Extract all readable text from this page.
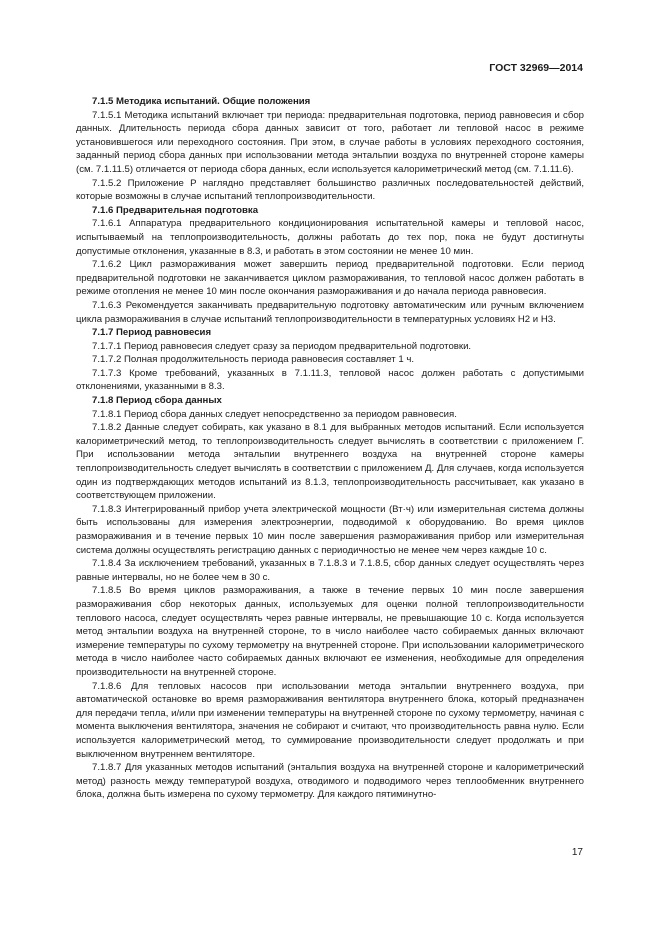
ГОСТ 32969—2014

7.1.5 Методика испытаний. Общие положения

7.1.5.1 Методика испытаний включает три периода: предварительная подготовка, период равновесия и сбор данных. Длительность периода сбора данных зависит от того, работает ли тепловой насос в режиме установившегося или переходного состояния. При этом, в случае работы в условиях переходного состояния, заданный период сбора данных при использовании метода энтальпии воздуха по внутренней стороне камеры (см. 7.1.11.5) отличается от периода сбора данных, если используется калориметрический метод (см. 7.1.11.6).

7.1.5.2 Приложение Р наглядно представляет большинство различных последовательностей действий, которые возможны в случае испытаний теплопроизводительности.

7.1.6 Предварительная подготовка

7.1.6.1 Аппаратура предварительного кондиционирования испытательной камеры и тепловой насос, испытываемый на теплопроизводительность, должны работать до тех пор, пока не будут достигнуты допустимые отклонения, указанные в 8.3, и работать в этом состоянии не менее 10 мин.

7.1.6.2 Цикл размораживания может завершить период предварительной подготовки. Если период предварительной подготовки не заканчивается циклом размораживания, то тепловой насос должен работать в режиме отопления не менее 10 мин после окончания размораживания и до начала периода равновесия.

7.1.6.3 Рекомендуется заканчивать предварительную подготовку автоматическим или ручным включением цикла размораживания в случае испытаний теплопроизводительности в температурных условиях Н2 и Н3.

7.1.7 Период равновесия

7.1.7.1 Период равновесия следует сразу за периодом предварительной подготовки.

7.1.7.2 Полная продолжительность периода равновесия составляет 1 ч.

7.1.7.3 Кроме требований, указанных в 7.1.11.3, тепловой насос должен работать с допустимыми отклонениями, указанными в 8.3.

7.1.8 Период сбора данных

7.1.8.1 Период сбора данных следует непосредственно за периодом равновесия.

7.1.8.2 Данные следует собирать, как указано в 8.1 для выбранных методов испытаний. Если используется калориметрический метод, то теплопроизводительность следует вычислять в соответствии с приложением Г. При использовании метода энтальпии внутреннего воздуха на внутренней стороне камеры теплопроизводительность следует вычислять в соответствии с приложением Д. Для случаев, когда используется один из подтверждающих методов испытаний из 8.1.3, теплопроизводительность рассчитывает, как указано в соответствующем приложении.

7.1.8.3 Интегрированный прибор учета электрической мощности (Вт·ч) или измерительная система должны быть использованы для измерения электроэнергии, подводимой к оборудованию. Во время циклов размораживания и в течение первых 10 мин после завершения размораживания прибор или измерительная система должны осуществлять регистрацию данных с периодичностью не менее чем через каждые 10 с.

7.1.8.4 За исключением требований, указанных в 7.1.8.3 и 7.1.8.5, сбор данных следует осуществлять через равные интервалы, но не более чем в 30 с.

7.1.8.5 Во время циклов размораживания, а также в течение первых 10 мин после завершения размораживания сбор некоторых данных, используемых для оценки полной теплопроизводительности теплового насоса, следует осуществлять через равные интервалы, не превышающие 10 с. Когда используется метод энтальпии воздуха на внутренней стороне, то в число наиболее часто собираемых данных включают измерение температуры по сухому термометру на внутренней стороне. При использовании калориметрического метода в число наиболее часто собираемых данных включают ее изменения, необходимые для определения производительности на внутренней стороне.

7.1.8.6 Для тепловых насосов при использовании метода энтальпии внутреннего воздуха, при автоматической остановке во время размораживания вентилятора внутреннего блока, который предназначен для передачи тепла, и/или при изменении температуры на внутренней стороне по сухому термометру, начиная с момента выключения вентилятора, значения не собирают и считают, что производительность равна нулю. Если используется калориметрический метод, то суммирование производительности следует продолжать и при выключенном внутреннем вентиляторе.

7.1.8.7 Для указанных методов испытаний (энтальпия воздуха на внутренней стороне и калориметрический метод) разность между температурой воздуха, отводимого и подводимого через теплообменник внутреннего блока, должна быть измерена по сухому термометру. Для каждого пятиминутно-

17
